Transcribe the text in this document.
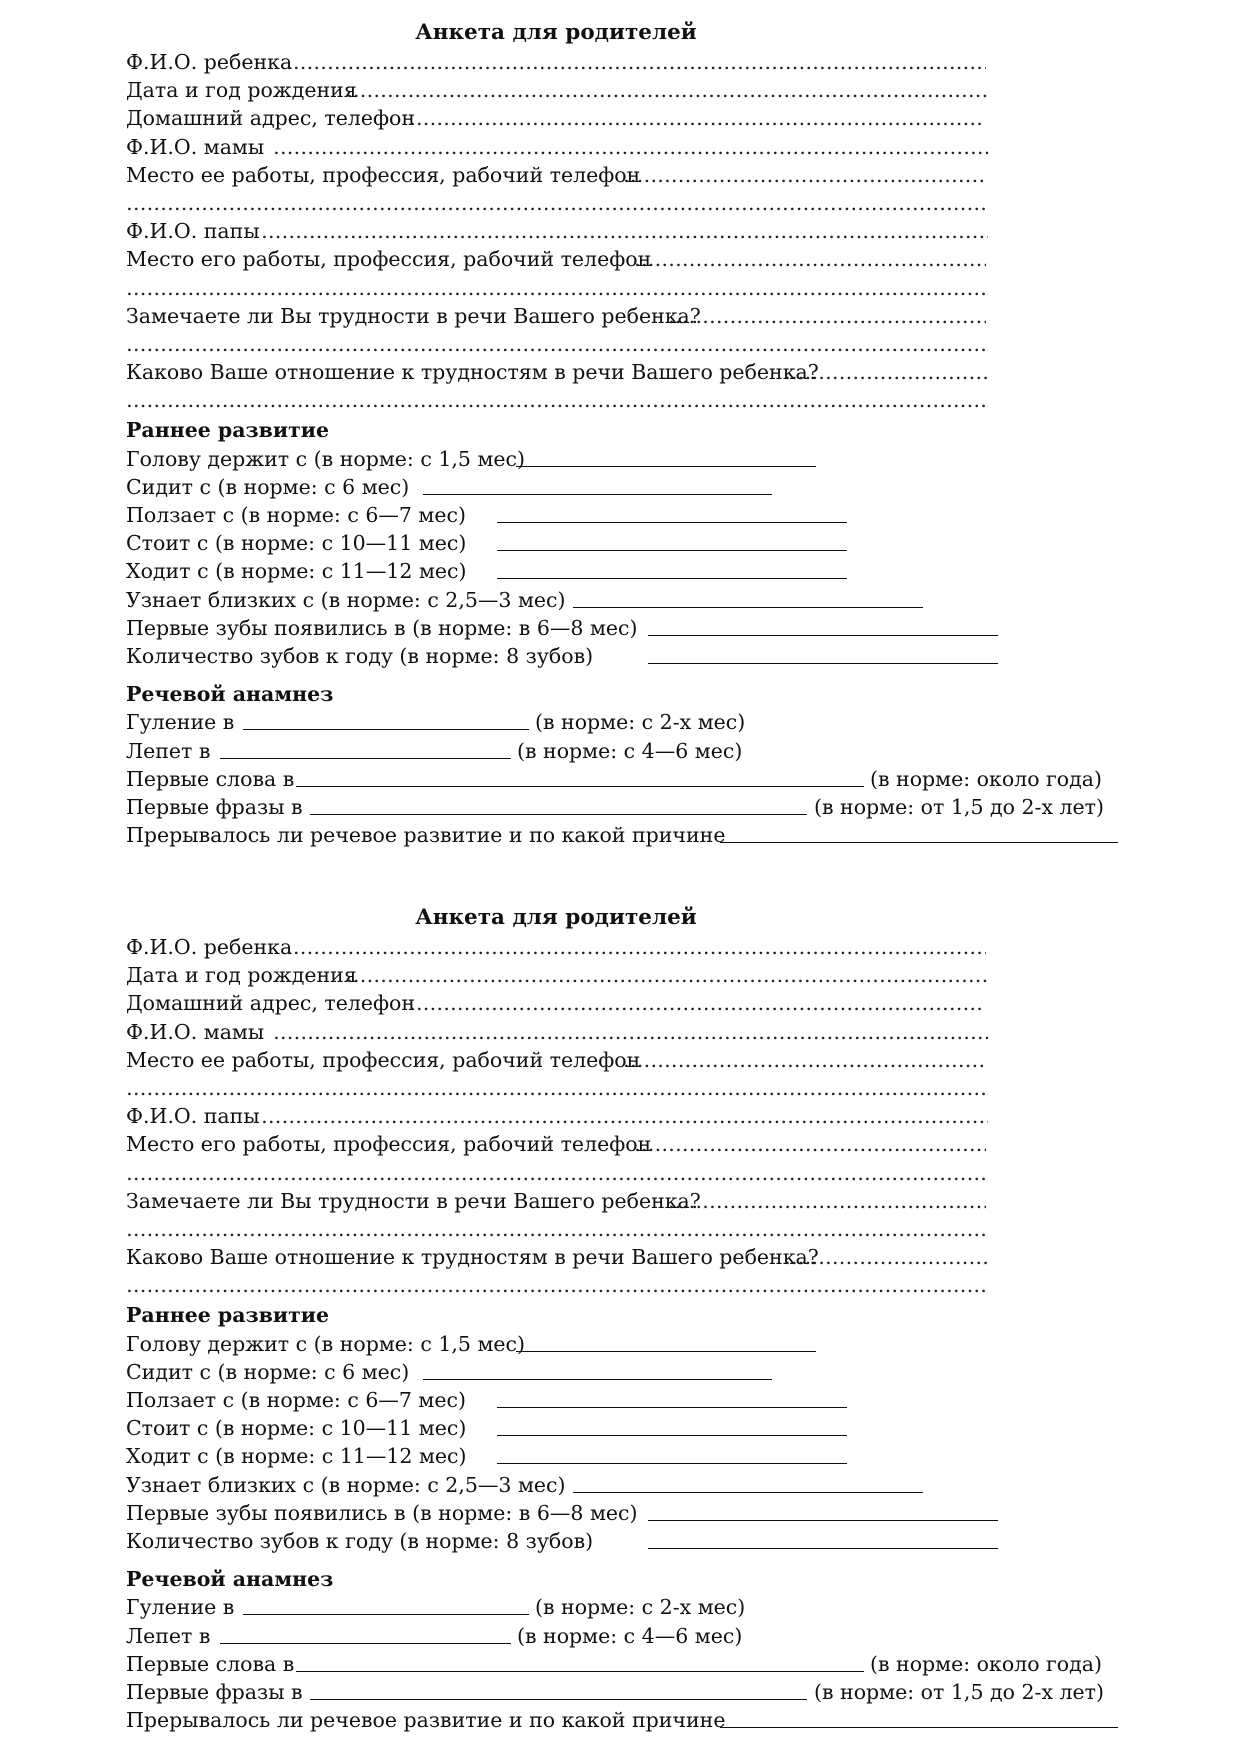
Анкета для родителей
Ф.И.О. ребенка
………………………………………………………………………………………………………………………………………………………………………………
Дата и год рождения
………………………………………………………………………………………………………………………………………………………………………………
Домашний адрес, телефон
………………………………………………………………………………………………………………………………………………………………………………
Ф.И.О. мамы
………………………………………………………………………………………………………………………………………………………………………………
Место ее работы, профессия, рабочий телефон
………………………………………………………………………………………………………………………………………………………………………………
………………………………………………………………………………………………………………………………………………………………………………
Ф.И.О. папы
………………………………………………………………………………………………………………………………………………………………………………
Место его работы, профессия, рабочий телефон
………………………………………………………………………………………………………………………………………………………………………………
………………………………………………………………………………………………………………………………………………………………………………
Замечаете ли Вы трудности в речи Вашего ребенка?
………………………………………………………………………………………………………………………………………………………………………………
………………………………………………………………………………………………………………………………………………………………………………
Каково Ваше отношение к трудностям в речи Вашего ребенка?
………………………………………………………………………………………………………………………………………………………………………………
………………………………………………………………………………………………………………………………………………………………………………
Раннее развитие
Голову держит с (в норме: с 1,5 мес)
Сидит с (в норме: с 6 мес)
Ползает с (в норме: с 6—7 мес)
Стоит с (в норме: с 10—11 мес)
Ходит с (в норме: с 11—12 мес)
Узнает близких с (в норме: с 2,5—3 мес)
Первые зубы появились в (в норме: в 6—8 мес)
Количество зубов к году (в норме: 8 зубов)
Речевой анамнез
Гуление в	(в норме: с 2-х мес)
Лепет в	(в норме: с 4—6 мес)
Первые слова в	(в норме: около года)
Первые фразы в	(в норме: от 1,5 до 2-х лет)
Прерывалось ли речевое развитие и по какой причине
Анкета для родителей
Ф.И.О. ребенка
………………………………………………………………………………………………………………………………………………………………………………
Дата и год рождения
………………………………………………………………………………………………………………………………………………………………………………
Домашний адрес, телефон
………………………………………………………………………………………………………………………………………………………………………………
Ф.И.О. мамы
………………………………………………………………………………………………………………………………………………………………………………
Место ее работы, профессия, рабочий телефон
………………………………………………………………………………………………………………………………………………………………………………
………………………………………………………………………………………………………………………………………………………………………………
Ф.И.О. папы
………………………………………………………………………………………………………………………………………………………………………………
Место его работы, профессия, рабочий телефон
………………………………………………………………………………………………………………………………………………………………………………
………………………………………………………………………………………………………………………………………………………………………………
Замечаете ли Вы трудности в речи Вашего ребенка?
………………………………………………………………………………………………………………………………………………………………………………
………………………………………………………………………………………………………………………………………………………………………………
Каково Ваше отношение к трудностям в речи Вашего ребенка?
………………………………………………………………………………………………………………………………………………………………………………
………………………………………………………………………………………………………………………………………………………………………………
Раннее развитие
Голову держит с (в норме: с 1,5 мес)
Сидит с (в норме: с 6 мес)
Ползает с (в норме: с 6—7 мес)
Стоит с (в норме: с 10—11 мес)
Ходит с (в норме: с 11—12 мес)
Узнает близких с (в норме: с 2,5—3 мес)
Первые зубы появились в (в норме: в 6—8 мес)
Количество зубов к году (в норме: 8 зубов)
Речевой анамнез
Гуление в	(в норме: с 2-х мес)
Лепет в	(в норме: с 4—6 мес)
Первые слова в	(в норме: около года)
Первые фразы в	(в норме: от 1,5 до 2-х лет)
Прерывалось ли речевое развитие и по какой причине
